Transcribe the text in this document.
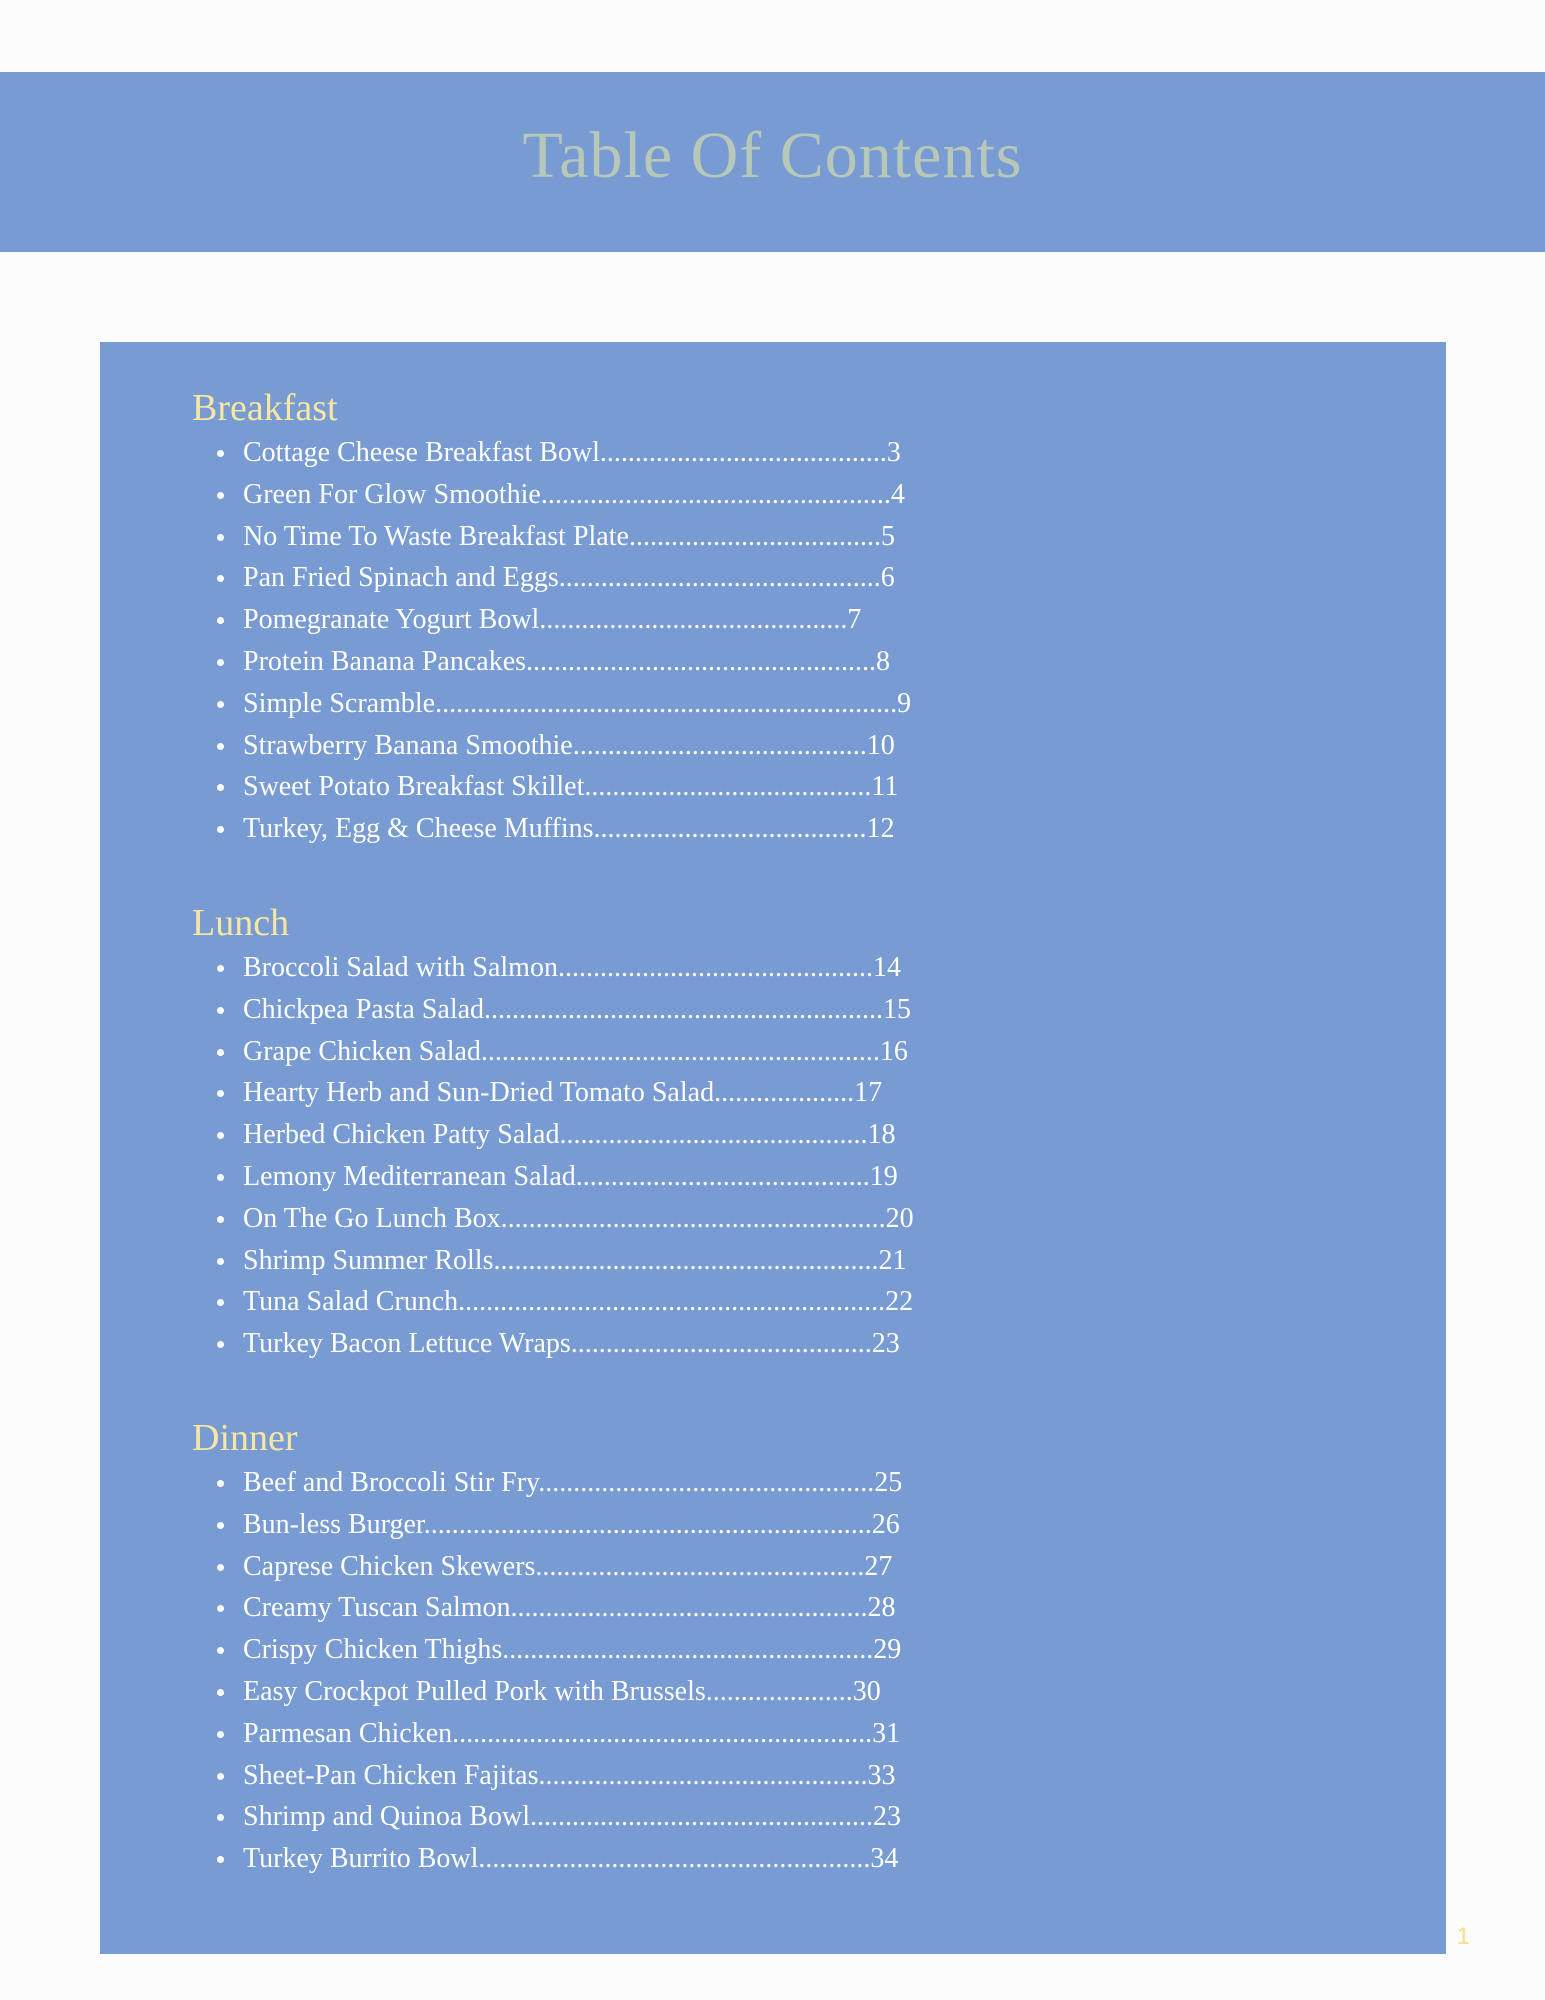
Table Of Contents
Breakfast
Cottage Cheese Breakfast Bowl.........................................3
Green For Glow Smoothie..................................................4
No Time To Waste Breakfast Plate....................................5
Pan Fried Spinach and Eggs..............................................6
Pomegranate Yogurt Bowl............................................7
Protein Banana Pancakes..................................................8
Simple Scramble..................................................................9
Strawberry Banana Smoothie..........................................10
Sweet Potato Breakfast Skillet.........................................11
Turkey, Egg & Cheese Muffins.......................................12
Lunch
Broccoli Salad with Salmon.............................................14
Chickpea Pasta Salad.........................................................15
Grape Chicken Salad.........................................................16
Hearty Herb and Sun-Dried Tomato Salad....................17
Herbed Chicken Patty Salad............................................18
Lemony Mediterranean Salad..........................................19
On The Go Lunch Box.......................................................20
Shrimp Summer Rolls.......................................................21
Tuna Salad Crunch.............................................................22
Turkey Bacon Lettuce Wraps...........................................23
Dinner
Beef and Broccoli Stir Fry................................................25
Bun-less Burger................................................................26
Caprese Chicken Skewers...............................................27
Creamy Tuscan Salmon...................................................28
Crispy Chicken Thighs.....................................................29
Easy Crockpot Pulled Pork with Brussels.....................30
Parmesan Chicken............................................................31
Sheet-Pan Chicken Fajitas...............................................33
Shrimp and Quinoa Bowl.................................................23
Turkey Burrito Bowl........................................................34
1
